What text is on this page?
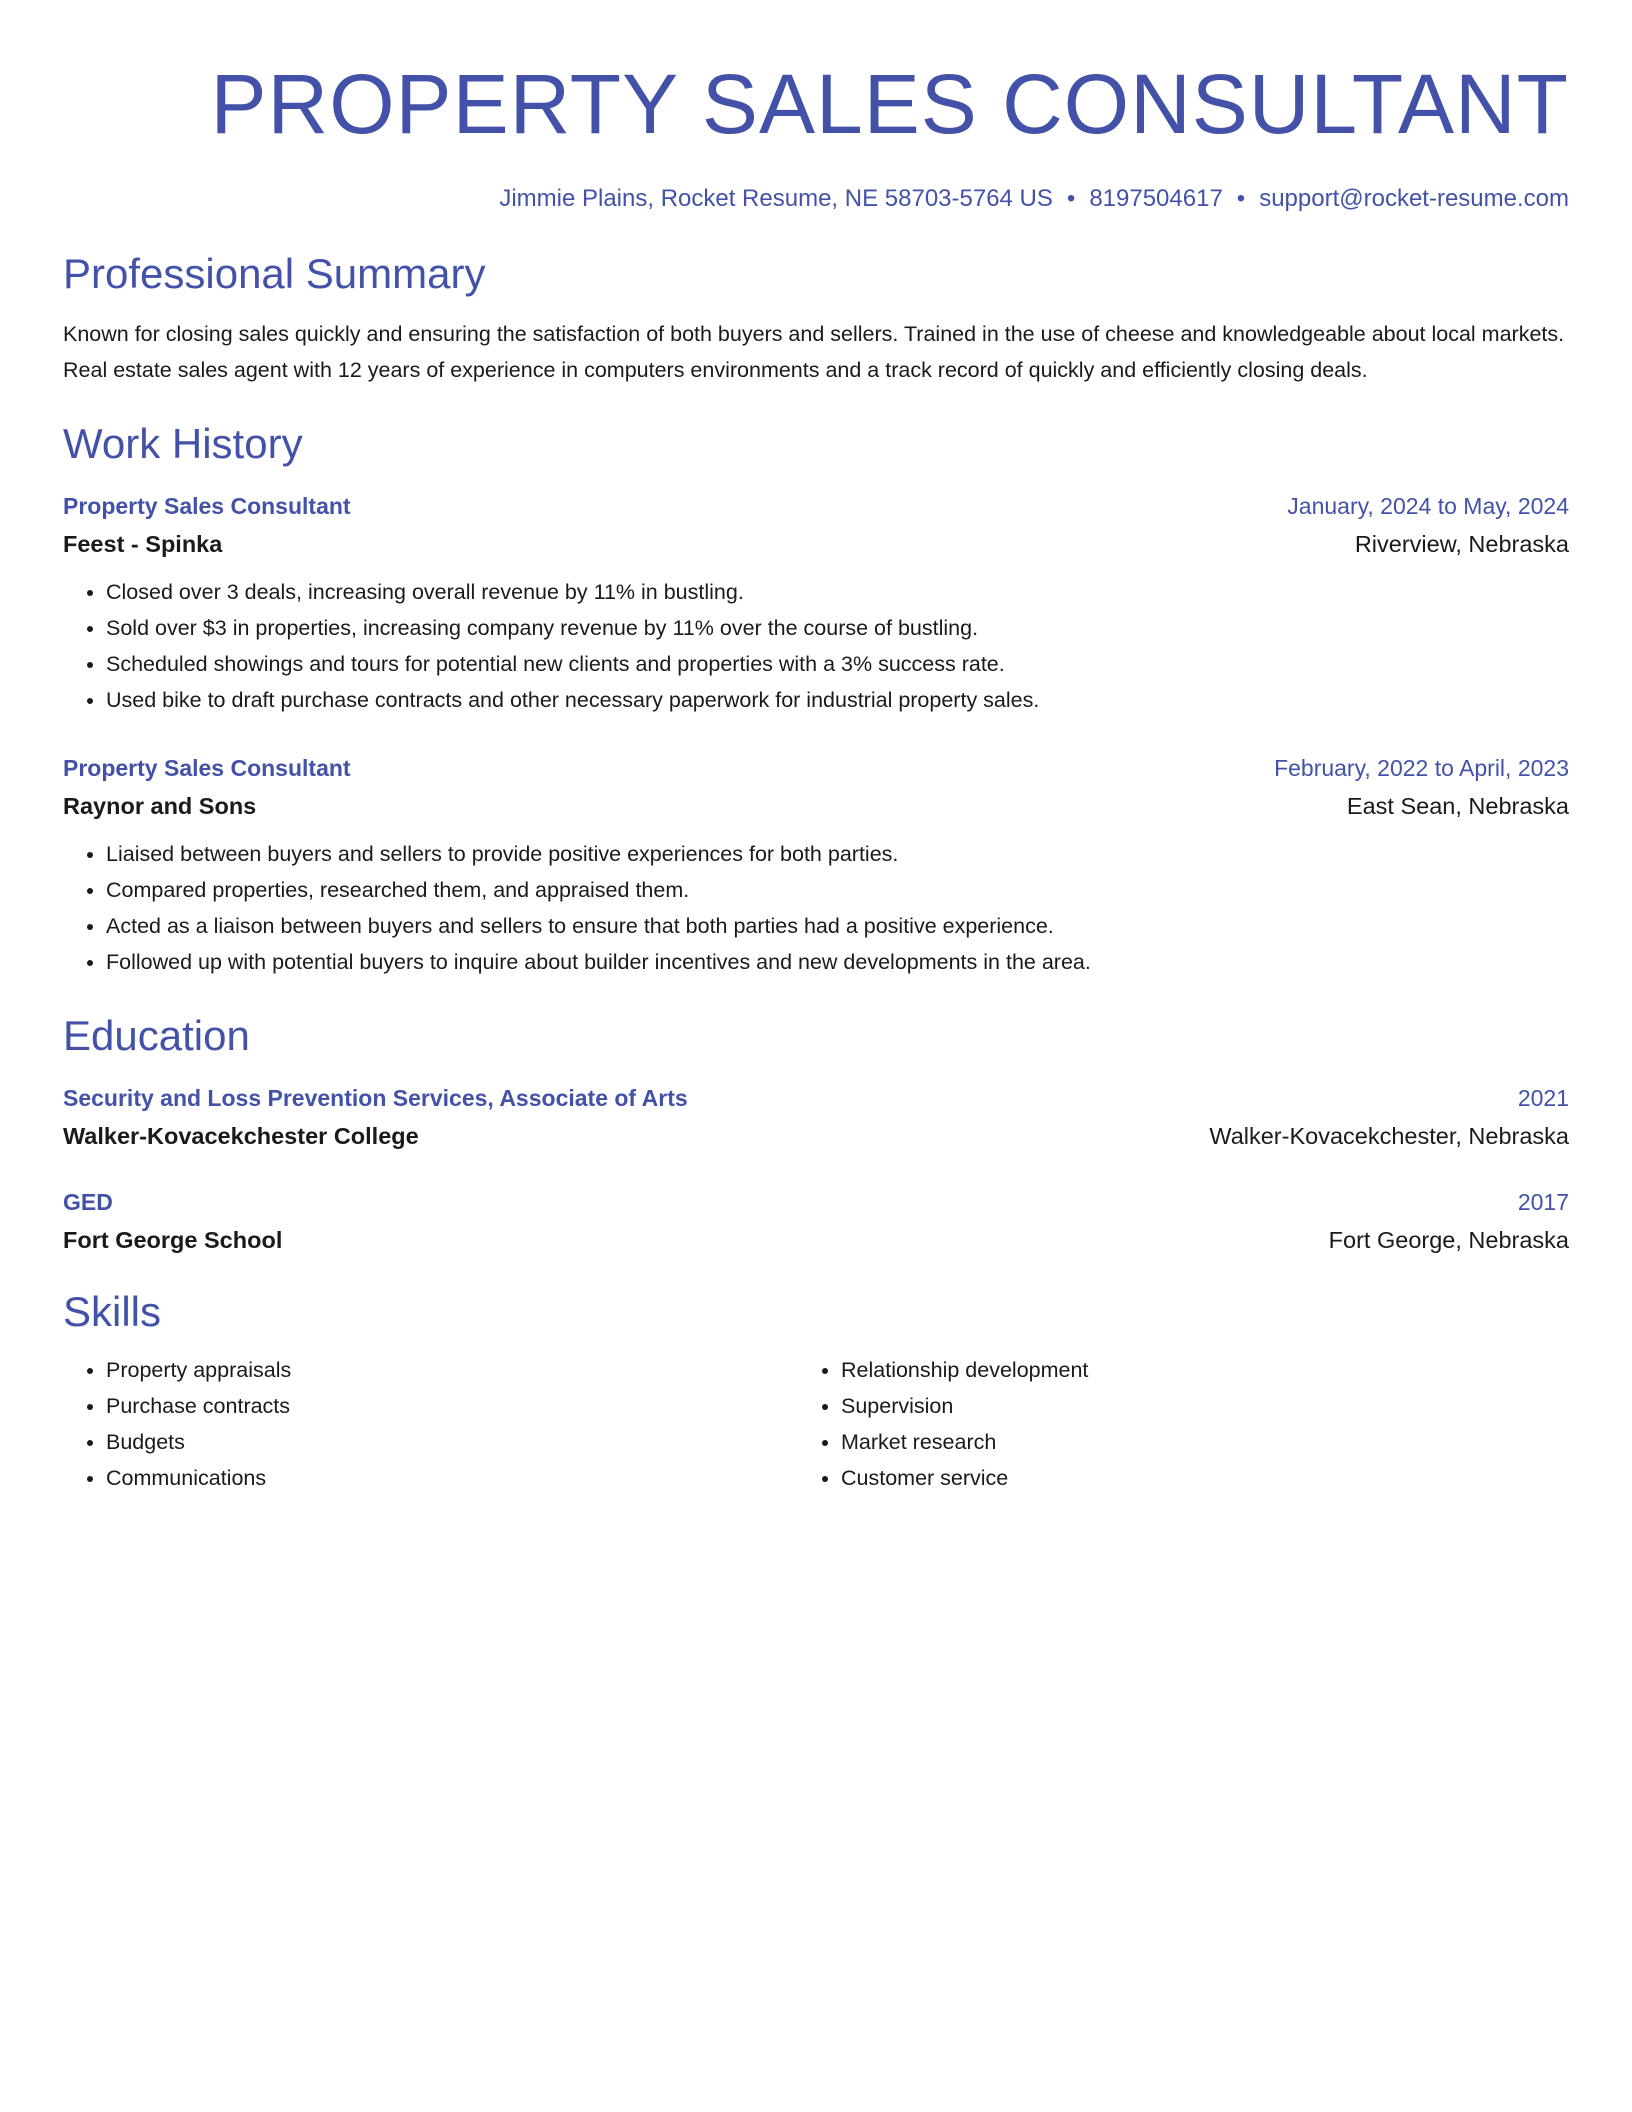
PROPERTY SALES CONSULTANT
Jimmie Plains, Rocket Resume, NE 58703-5764 US • 8197504617 • support@rocket-resume.com
Professional Summary

Known for closing sales quickly and ensuring the satisfaction of both buyers and sellers. Trained in the use of cheese and knowledgeable about local markets. Real estate sales agent with 12 years of experience in computers environments and a track record of quickly and efficiently closing deals.

Work History
Property Sales Consultant	January, 2024 to May, 2024
Feest - Spinka	Riverview, Nebraska
• Closed over 3 deals, increasing overall revenue by 11% in bustling.
• Sold over $3 in properties, increasing company revenue by 11% over the course of bustling.
• Scheduled showings and tours for potential new clients and properties with a 3% success rate.
• Used bike to draft purchase contracts and other necessary paperwork for industrial property sales.
Property Sales Consultant	February, 2022 to April, 2023
Raynor and Sons	East Sean, Nebraska
• Liaised between buyers and sellers to provide positive experiences for both parties.
• Compared properties, researched them, and appraised them.
• Acted as a liaison between buyers and sellers to ensure that both parties had a positive experience.
• Followed up with potential buyers to inquire about builder incentives and new developments in the area.
Education
Security and Loss Prevention Services, Associate of Arts	2021
Walker-Kovacekchester College	Walker-Kovacekchester, Nebraska
GED	2017
Fort George School	Fort George, Nebraska
Skills
• Property appraisals
• Purchase contracts
• Budgets
• Communications
• Relationship development
• Supervision
• Market research
• Customer service
